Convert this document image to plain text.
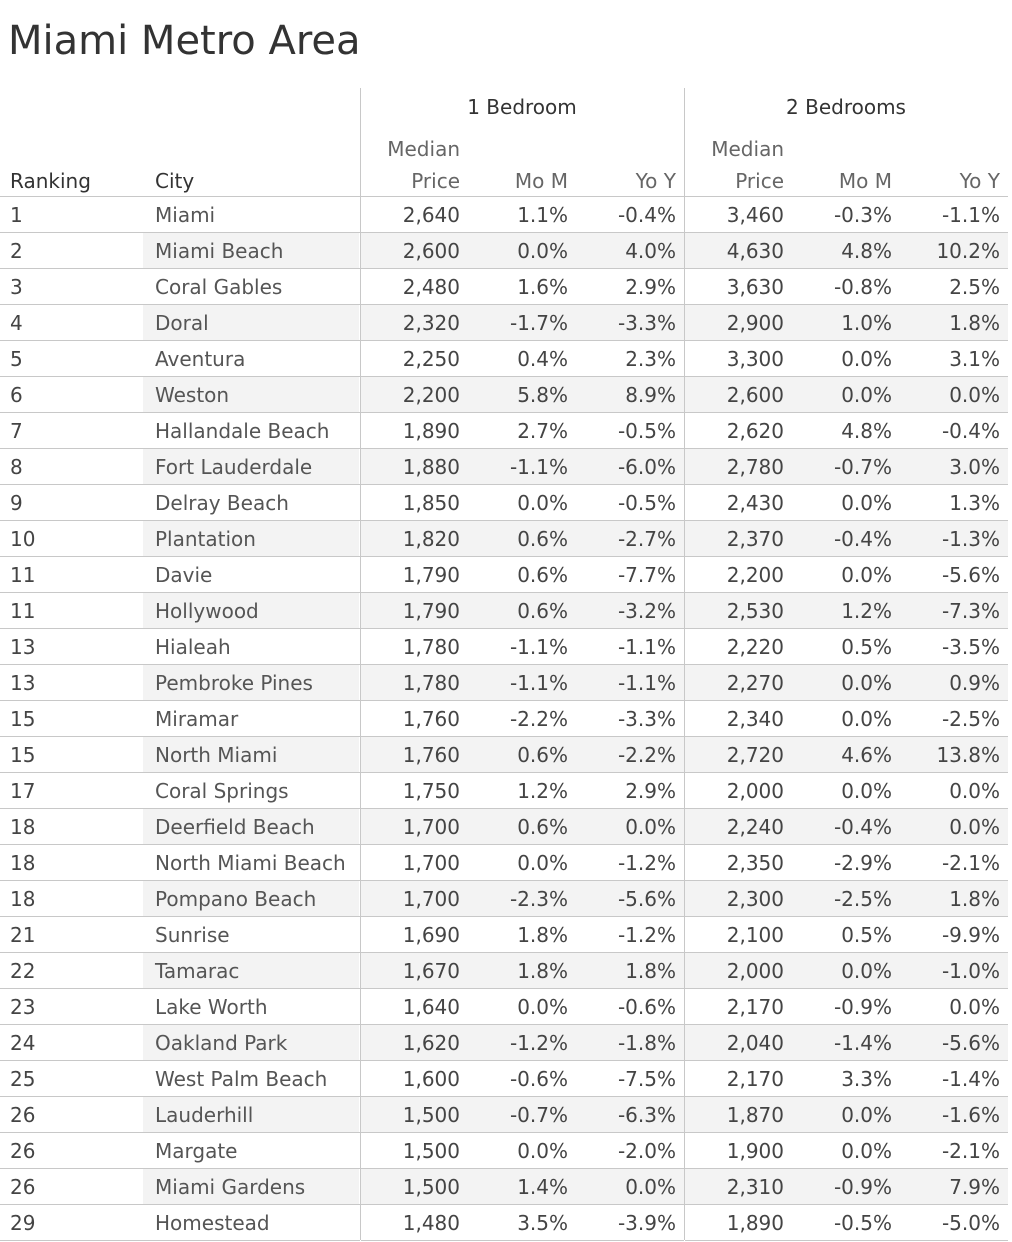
Miami Metro Area
1 Bedroom	2 Bedrooms
Ranking	City
Median
Price	Mo M	Yo Y
Median
Price	Mo M	Yo Y
1	Miami	2,640	1.1%	-0.4%	3,460	-0.3%	-1.1%
2	Miami Beach	2,600	0.0%	4.0%	4,630	4.8%	10.2%
3	Coral Gables	2,480	1.6%	2.9%	3,630	-0.8%	2.5%
4	Doral	2,320	-1.7%	-3.3%	2,900	1.0%	1.8%
5	Aventura	2,250	0.4%	2.3%	3,300	0.0%	3.1%
6	Weston	2,200	5.8%	8.9%	2,600	0.0%	0.0%
7	Hallandale Beach	1,890	2.7%	-0.5%	2,620	4.8%	-0.4%
8	Fort Lauderdale	1,880	-1.1%	-6.0%	2,780	-0.7%	3.0%
9	Delray Beach	1,850	0.0%	-0.5%	2,430	0.0%	1.3%
10	Plantation	1,820	0.6%	-2.7%	2,370	-0.4%	-1.3%
11	Davie	1,790	0.6%	-7.7%	2,200	0.0%	-5.6%
11	Hollywood	1,790	0.6%	-3.2%	2,530	1.2%	-7.3%
13	Hialeah	1,780	-1.1%	-1.1%	2,220	0.5%	-3.5%
13	Pembroke Pines	1,780	-1.1%	-1.1%	2,270	0.0%	0.9%
15	Miramar	1,760	-2.2%	-3.3%	2,340	0.0%	-2.5%
15	North Miami	1,760	0.6%	-2.2%	2,720	4.6%	13.8%
17	Coral Springs	1,750	1.2%	2.9%	2,000	0.0%	0.0%
18	Deerfield Beach	1,700	0.6%	0.0%	2,240	-0.4%	0.0%
18	North Miami Beach	1,700	0.0%	-1.2%	2,350	-2.9%	-2.1%
18	Pompano Beach	1,700	-2.3%	-5.6%	2,300	-2.5%	1.8%
21	Sunrise	1,690	1.8%	-1.2%	2,100	0.5%	-9.9%
22	Tamarac	1,670	1.8%	1.8%	2,000	0.0%	-1.0%
23	Lake Worth	1,640	0.0%	-0.6%	2,170	-0.9%	0.0%
24	Oakland Park	1,620	-1.2%	-1.8%	2,040	-1.4%	-5.6%
25	West Palm Beach	1,600	-0.6%	-7.5%	2,170	3.3%	-1.4%
26	Lauderhill	1,500	-0.7%	-6.3%	1,870	0.0%	-1.6%
26	Margate	1,500	0.0%	-2.0%	1,900	0.0%	-2.1%
26	Miami Gardens	1,500	1.4%	0.0%	2,310	-0.9%	7.9%
29	Homestead	1,480	3.5%	-3.9%	1,890	-0.5%	-5.0%
